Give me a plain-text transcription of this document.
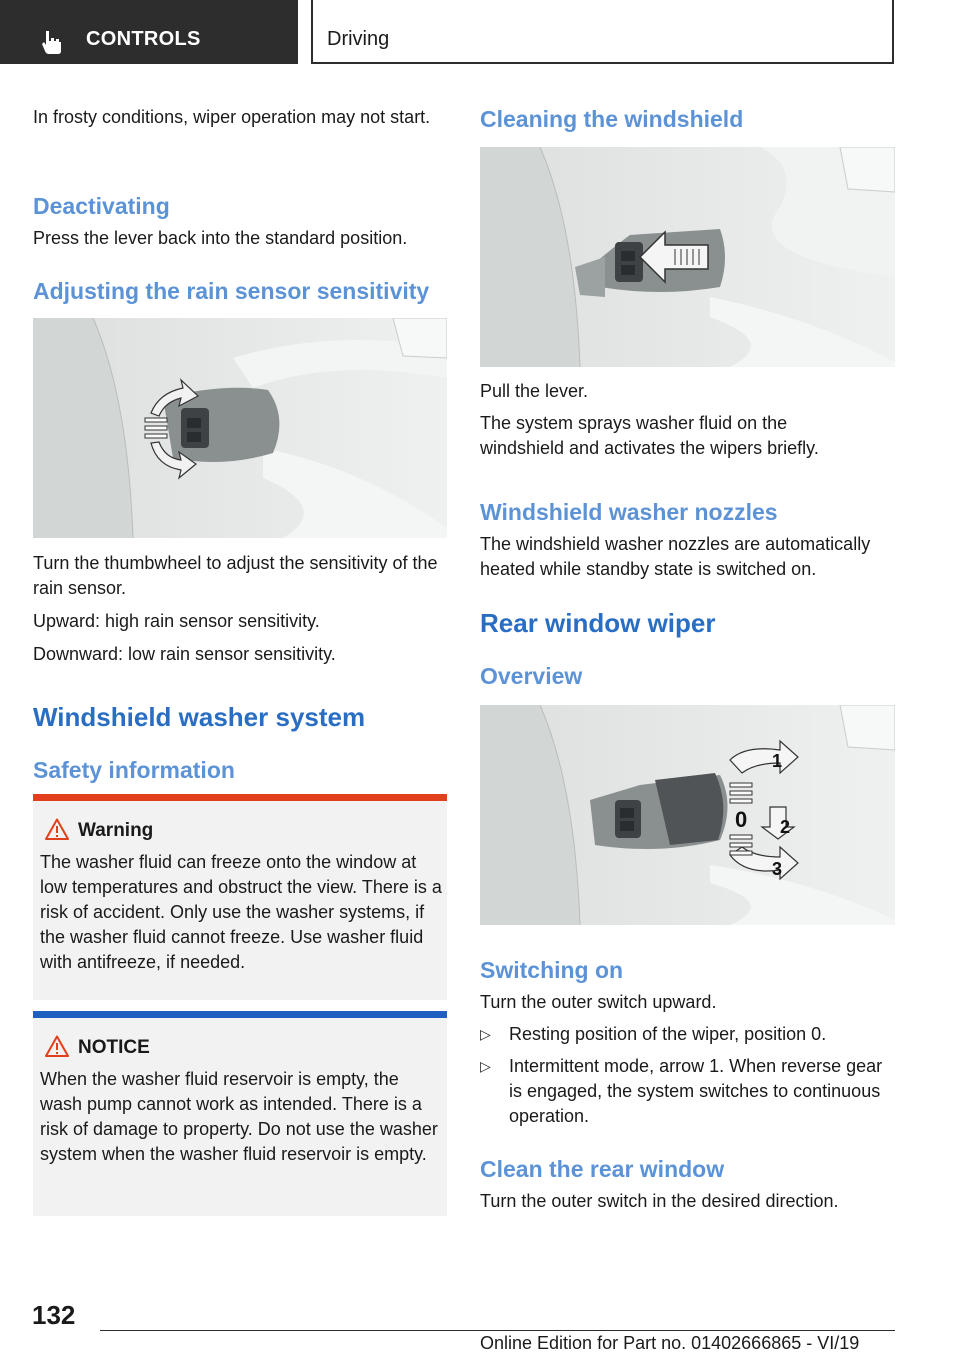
CONTROLS	Driving

In frosty conditions, wiper operation may not start.

Deactivating

Press the lever back into the standard position.

Adjusting the rain sensor sensitivity

Turn the thumbwheel to adjust the sensitivity of the rain sensor.

Upward: high rain sensor sensitivity.

Downward: low rain sensor sensitivity.

Windshield washer system
Safety information
Warning
The washer fluid can freeze onto the window at low temperatures and obstruct the view. There is a risk of accident. Only use the washer systems, if the washer fluid cannot freeze. Use washer fluid with antifreeze, if needed.
NOTICE
When the washer fluid reservoir is empty, the wash pump cannot work as intended. There is a risk of damage to property. Do not use the washer system when the washer fluid reservoir is empty.
Cleaning the windshield

Pull the lever.

The system sprays washer fluid on the windshield and activates the wipers briefly.

Windshield washer nozzles

The windshield washer nozzles are automatically heated while standby state is switched on.

Rear window wiper
Overview
1
0 2
3
Switching on

Turn the outer switch upward.

▷ Resting position of the wiper, position 0.
▷ Intermittent mode, arrow 1. When reverse gear is engaged, the system switches to continuous operation.
Clean the rear window

Turn the outer switch in the desired direction.

132
Online Edition for Part no. 01402666865 - VI/19
